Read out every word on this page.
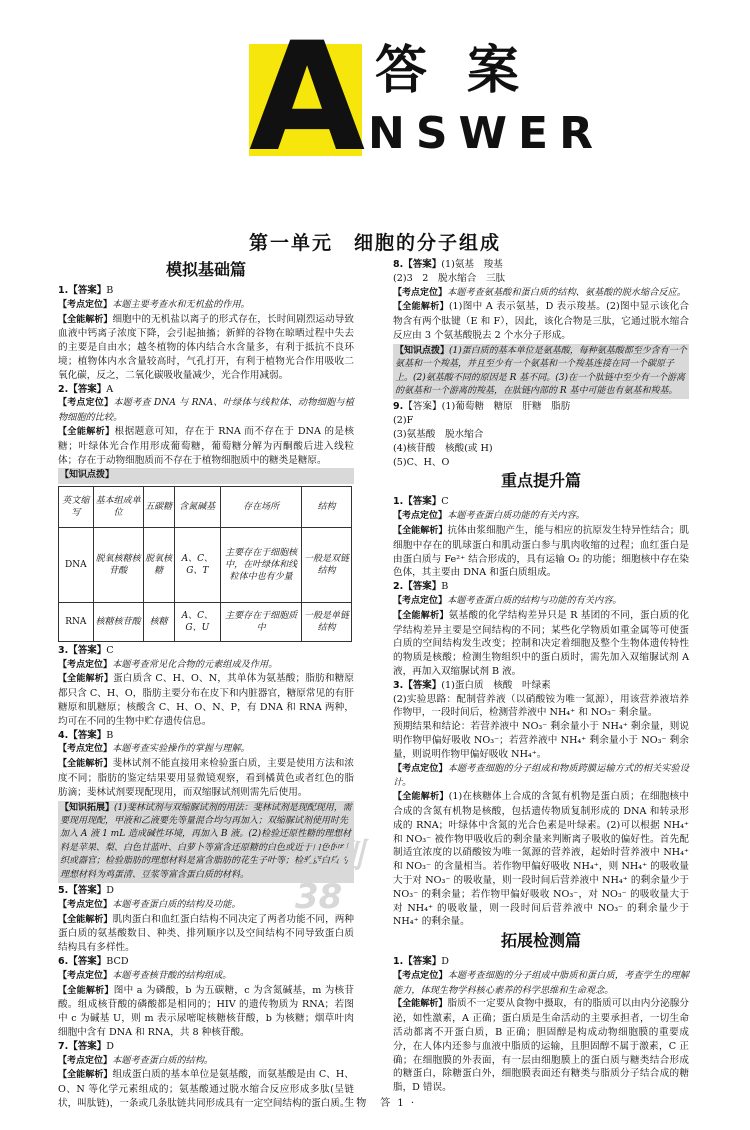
A 答案
NSWER
第一单元　细胞的分子组成
模拟基础篇

1.【答案】B

【考点定位】本题主要考查水和无机盐的作用。

【全能解析】细胞中的无机盐以离子的形式存在，长时间剧烈运动导致血液中钙离子浓度下降，会引起抽搐；新鲜的谷物在晾晒过程中失去的主要是自由水；越冬植物的体内结合水含量多，有利于抵抗不良环境；植物体内水含量较高时，气孔打开，有利于植物光合作用吸收二氧化碳，反之，二氧化碳吸收量减少，光合作用减弱。

2.【答案】A

【考点定位】本题考查 DNA 与 RNA、叶绿体与线粒体、动物细胞与植物细胞的比较。

【全能解析】根据题意可知，存在于 RNA 而不存在于 DNA 的是核糖；叶绿体光合作用形成葡萄糖，葡萄糖分解为丙酮酸后进入线粒体；存在于动物细胞质而不存在于植物细胞质中的糖类是糖原。

【知识点拨】
英文缩写	基本组成单位	五碳糖	含氮碱基	存在场所	结构
DNA	脱氧核糖核苷酸	脱氧核糖	A、C、G、T	主要存在于细胞核中，在叶绿体和线粒体中也有少量	一般是双链结构
RNA	核糖核苷酸	核糖	A、C、G、U	主要存在于细胞质中	一般是单链结构

3.【答案】C

【考点定位】本题考查常见化合物的元素组成及作用。

【全能解析】蛋白质含 C、H、O、N，其单体为氨基酸；脂肪和糖原都只含 C、H、O，脂肪主要分布在皮下和内脏器官，糖原常见的有肝糖原和肌糖原；核酸含 C、H、O、N、P，有 DNA 和 RNA 两种，均可在不同的生物中贮存遗传信息。

4.【答案】B

【考点定位】本题考查实验操作的掌握与理解。

【全能解析】斐林试剂不能直接用来检验蛋白质，主要是使用方法和浓度不同；脂肪的鉴定结果要用显微镜观察，看到橘黄色或者红色的脂肪滴；斐林试剂要现配现用，而双缩脲试剂则需先后使用。

【知识拓展】(1)斐林试剂与双缩脲试剂的用法：斐林试剂是现配现用，需要现用现配，甲液和乙液要先等量混合均匀再加入；双缩脲试剂使用时先加入 A 液 1 mL 造成碱性环境，再加入 B 液。(2)检验还原性糖的理想材料是苹果、梨、白色甘蓝叶、白萝卜等富含还原糖的白色或近于白色的组织或器官；检验脂肪的理想材料是富含脂肪的花生子叶等；检验蛋白质的理想材料为鸡蛋清、豆浆等富含蛋白质的材料。

5.【答案】D

【考点定位】本题考查蛋白质的结构及功能。

【全能解析】肌肉蛋白和血红蛋白结构不同决定了两者功能不同，两种蛋白质的氨基酸数目、种类、排列顺序以及空间结构不同导致蛋白质结构具有多样性。

6.【答案】BCD

【考点定位】本题考查核苷酸的结构组成。

【全能解析】图中 a 为磷酸，b 为五碳糖，c 为含氮碱基，m 为核苷酸。组成核苷酸的磷酸都是相同的；HIV 的遗传物质为 RNA；若图中 c 为碱基 U，则 m 表示尿嘧啶核糖核苷酸，b 为核糖；烟草叶肉细胞中含有 DNA 和 RNA，共 8 种核苷酸。

7.【答案】D

【考点定位】本题考查蛋白质的结构。

【全能解析】组成蛋白质的基本单位是氨基酸，而氨基酸是由 C、H、O、N 等化学元素组成的；氨基酸通过脱水缩合反应形成多肽(呈链状，叫肽链)，一条或几条肽链共同形成具有一定空间结构的蛋白质。

8.【答案】(1)氨基　羧基

(2)3　2　脱水缩合　三肽

【考点定位】本题考查氨基酸和蛋白质的结构、氨基酸的脱水缩合反应。

【全能解析】(1)图中 A 表示氨基，D 表示羧基。(2)图中显示该化合物含有两个肽键（E 和 F），因此，该化合物是三肽，它通过脱水缩合反应由 3 个氨基酸脱去 2 个水分子形成。

【知识点拨】(1)蛋白质的基本单位是氨基酸，每种氨基酸都至少含有一个氨基和一个羧基，并且至少有一个氨基和一个羧基连接在同一个碳原子上。(2)氨基酸不同的原因是 R 基不同。(3)在一个肽链中至少有一个游离的氨基和一个游离的羧基，在肽链内部的 R 基中可能也有氨基和羧基。

9.【答案】(1)葡萄糖　糖原　肝糖　脂肪

(2)F

(3)氨基酸　脱水缩合

(4)核苷酸　核酸(或 H)

(5)C、H、O

重点提升篇

1.【答案】C

【考点定位】本题考查蛋白质功能的有关内容。

【全能解析】抗体由浆细胞产生，能与相应的抗原发生特异性结合；肌细胞中存在的肌球蛋白和肌动蛋白参与肌肉收缩的过程；血红蛋白是由蛋白质与 Fe²⁺ 结合形成的，具有运输 O₂ 的功能；细胞核中存在染色体，其主要由 DNA 和蛋白质组成。

2.【答案】B

【考点定位】本题考查蛋白质的结构与功能的有关内容。

【全能解析】氨基酸的化学结构差异只是 R 基团的不同，蛋白质的化学结构差异主要是空间结构的不同；某些化学物质如重金属等可使蛋白质的空间结构发生改变；控制和决定着细胞及整个生物体遗传特性的物质是核酸；检测生物组织中的蛋白质时，需先加入双缩脲试剂 A 液，再加入双缩脲试剂 B 液。

3.【答案】(1)蛋白质　核酸　叶绿素

(2)实验思路：配制营养液（以硝酸铵为唯一氮源），用该营养液培养作物甲，一段时间后，检测营养液中 NH₄⁺ 和 NO₃⁻ 剩余量。

预期结果和结论：若营养液中 NO₃⁻ 剩余量小于 NH₄⁺ 剩余量，则说明作物甲偏好吸收 NO₃⁻；若营养液中 NH₄⁺ 剩余量小于 NO₃⁻ 剩余量，则说明作物甲偏好吸收 NH₄⁺。

【考点定位】本题考查细胞的分子组成和物质跨膜运输方式的相关实验设计。

【全能解析】(1)在核糖体上合成的含氮有机物是蛋白质；在细胞核中合成的含氮有机物是核酸，包括遗传物质复制形成的 DNA 和转录形成的 RNA；叶绿体中含氮的光合色素是叶绿素。(2)可以根据 NH₄⁺ 和 NO₃⁻ 被作物甲吸收后的剩余量来判断离子吸收的偏好性。首先配制适宜浓度的以硝酸铵为唯一氮源的营养液，起始时营养液中 NH₄⁺ 和 NO₃⁻ 的含量相当。若作物甲偏好吸收 NH₄⁺，则 NH₄⁺ 的吸收量大于对 NO₃⁻ 的吸收量，则一段时间后营养液中 NH₄⁺ 的剩余量少于 NO₃⁻ 的剩余量；若作物甲偏好吸收 NO₃⁻，对 NO₃⁻ 的吸收量大于对 NH₄⁺ 的吸收量，则一段时间后营养液中 NO₃⁻ 的剩余量少于 NH₄⁺ 的剩余量。

拓展检测篇

1.【答案】D

【考点定位】本题考查细胞的分子组成中脂质和蛋白质，考查学生的理解能力，体现生物学科核心素养的科学思维和生命观念。

【全能解析】脂质不一定要从食物中摄取，有的脂质可以由内分泌腺分泌，如性激素，A 正确；蛋白质是生命活动的主要承担者，一切生命活动都离不开蛋白质，B 正确；胆固醇是构成动物细胞膜的重要成分，在人体内还参与血液中脂质的运输，且胆固醇不属于激素，C 正确；在细胞膜的外表面，有一层由细胞膜上的蛋白质与糖类结合形成的糖蛋白，除糖蛋白外，细胞膜表面还有糖类与脂质分子结合成的糖脂，D 错误。

天利38
· 生物　答 1 ·
